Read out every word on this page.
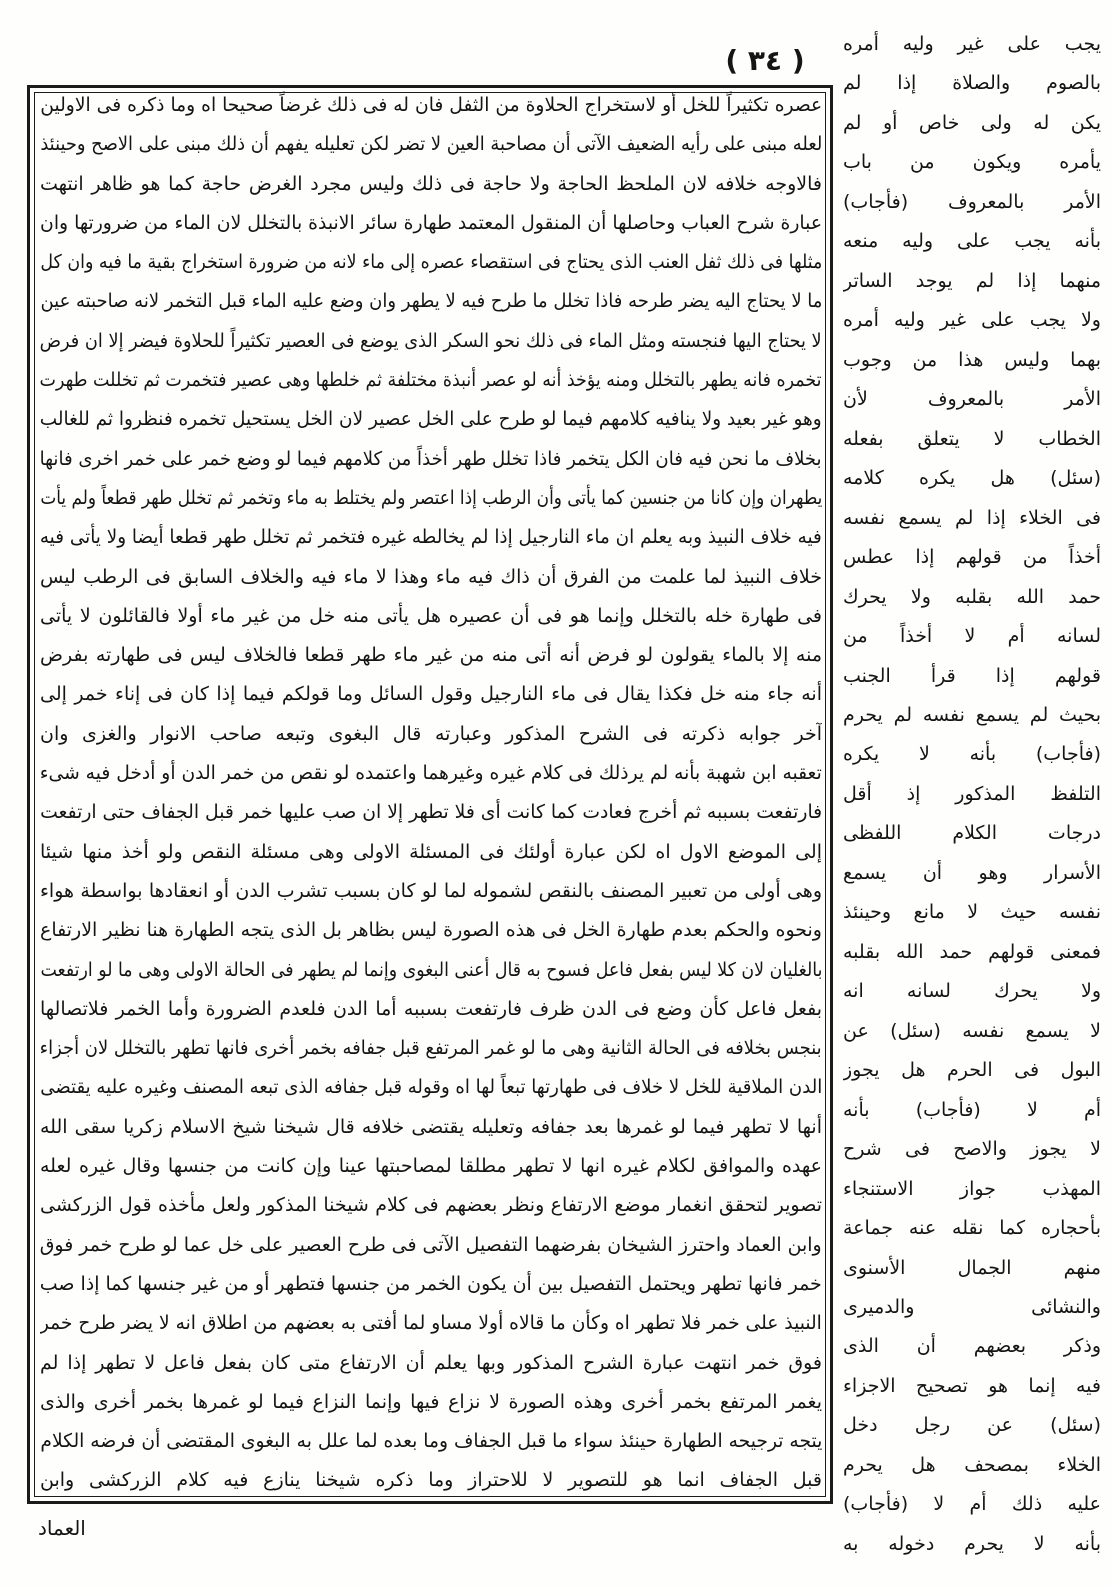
( ٣٤ )
عصره تكثيراً للخل أو لاستخراج الحلاوة من الثفل فان له فى ذلك غرضاً صحيحا اه وما ذكره فى الاولين
لعله مبنى على رأيه الضعيف الآتى أن مصاحبة العين لا تضر لكن تعليله يفهم أن ذلك مبنى على الاصح وحينئذ
فالاوجه خلافه لان الملحظ الحاجة ولا حاجة فى ذلك وليس مجرد الغرض حاجة كما هو ظاهر انتهت
عبارة شرح العباب وحاصلها أن المنقول المعتمد طهارة سائر الانبذة بالتخلل لان الماء من ضرورتها وان
مثلها فى ذلك ثفل العنب الذى يحتاج فى استقصاء عصره إلى ماء لانه من ضرورة استخراج بقية ما فيه وان كل
ما لا يحتاج اليه يضر طرحه فاذا تخلل ما طرح فيه لا يطهر وان وضع عليه الماء قبل التخمر لانه صاحبته عين
لا يحتاج اليها فنجسته ومثل الماء فى ذلك نحو السكر الذى يوضع فى العصير تكثيراً للحلاوة فيضر إلا ان فرض
تخمره فانه يطهر بالتخلل ومنه يؤخذ أنه لو عصر أنبذة مختلفة ثم خلطها وهى عصير فتخمرت ثم تخللت طهرت
وهو غير بعيد ولا ينافيه كلامهم فيما لو طرح على الخل عصير لان الخل يستحيل تخمره فنظروا ثم للغالب
بخلاف ما نحن فيه فان الكل يتخمر فاذا تخلل طهر أخذاً من كلامهم فيما لو وضع خمر على خمر اخرى فانها
يطهران وإن كانا من جنسين كما يأتى وأن الرطب إذا اعتصر ولم يختلط به ماء وتخمر ثم تخلل طهر قطعاً ولم يأت
فيه خلاف النبيذ وبه يعلم ان ماء النارجيل إذا لم يخالطه غيره فتخمر ثم تخلل طهر قطعا أيضا ولا يأتى فيه
خلاف النبيذ لما علمت من الفرق أن ذاك فيه ماء وهذا لا ماء فيه والخلاف السابق فى الرطب ليس
فى طهارة خله بالتخلل وإنما هو فى أن عصيره هل يأتى منه خل من غير ماء أولا فالقائلون لا يأتى
منه إلا بالماء يقولون لو فرض أنه أتى منه من غير ماء طهر قطعا فالخلاف ليس فى طهارته بفرض
أنه جاء منه خل فكذا يقال فى ماء النارجيل وقول السائل وما قولكم فيما إذا كان فى إناء خمر إلى
آخر جوابه ذكرته فى الشرح المذكور وعبارته قال البغوى وتبعه صاحب الانوار والغزى وان
تعقبه ابن شهبة بأنه لم يرذلك فى كلام غيره وغيرهما واعتمده لو نقص من خمر الدن أو أدخل فيه شىء
فارتفعت بسببه ثم أخرج فعادت كما كانت أى فلا تطهر إلا ان صب عليها خمر قبل الجفاف حتى ارتفعت
إلى الموضع الاول اه لكن عبارة أولئك فى المسئلة الاولى وهى مسئلة النقص ولو أخذ منها شيئا
وهى أولى من تعبير المصنف بالنقص لشموله لما لو كان بسبب تشرب الدن أو انعقادها بواسطة هواء
ونحوه والحكم بعدم طهارة الخل فى هذه الصورة ليس بظاهر بل الذى يتجه الطهارة هنا نظير الارتفاع
بالغليان لان كلا ليس بفعل فاعل فسوح به قال أعنى البغوى وإنما لم يطهر فى الحالة الاولى وهى ما لو ارتفعت
بفعل فاعل كأن وضع فى الدن ظرف فارتفعت بسببه أما الدن فلعدم الضرورة وأما الخمر فلاتصالها
بنجس بخلافه فى الحالة الثانية وهى ما لو غمر المرتفع قبل جفافه بخمر أخرى فانها تطهر بالتخلل لان أجزاء
الدن الملاقية للخل لا خلاف فى طهارتها تبعاً لها اه وقوله قبل جفافه الذى تبعه المصنف وغيره عليه يقتضى
أنها لا تطهر فيما لو غمرها بعد جفافه وتعليله يقتضى خلافه قال شيخنا شيخ الاسلام زكريا سقى الله
عهده والموافق لكلام غيره انها لا تطهر مطلقا لمصاحبتها عينا وإن كانت من جنسها وقال غيره لعله
تصوير لتحقق انغمار موضع الارتفاع ونظر بعضهم فى كلام شيخنا المذكور ولعل مأخذه قول الزركشى
وابن العماد واحترز الشيخان بفرضهما التفصيل الآتى فى طرح العصير على خل عما لو طرح خمر فوق
خمر فانها تطهر ويحتمل التفصيل بين أن يكون الخمر من جنسها فتطهر أو من غير جنسها كما إذا صب
النبيذ على خمر فلا تطهر اه وكأن ما قالاه أولا مساو لما أفتى به بعضهم من اطلاق انه لا يضر طرح خمر
فوق خمر انتهت عبارة الشرح المذكور وبها يعلم أن الارتفاع متى كان بفعل فاعل لا تطهر إذا لم
يغمر المرتفع بخمر أخرى وهذه الصورة لا نزاع فيها وإنما النزاع فيما لو غمرها بخمر أخرى والذى
يتجه ترجيحه الطهارة حينئذ سواء ما قبل الجفاف وما بعده لما علل به البغوى المقتضى أن فرضه الكلام
قبل الجفاف انما هو للتصوير لا للاحتراز وما ذكره شيخنا ينازع فيه كلام الزركشى وابن
يجب على غير وليه أمره
بالصوم والصلاة إذا لم
يكن له ولى خاص أو لم
يأمره ويكون من باب
الأمر بالمعروف (فأجاب)
بأنه يجب على وليه منعه
منهما إذا لم يوجد الساتر
ولا يجب على غير وليه أمره
بهما وليس هذا من وجوب
الأمر بالمعروف لأن
الخطاب لا يتعلق بفعله
(سئل) هل يكره كلامه
فى الخلاء إذا لم يسمع نفسه
أخذاً من قولهم إذا عطس
حمد الله بقلبه ولا يحرك
لسانه أم لا أخذاً من
قولهم إذا قرأ الجنب
بحيث لم يسمع نفسه لم يحرم
(فأجاب) بأنه لا يكره
التلفظ المذكور إذ أقل
درجات الكلام اللفظى
الأسرار وهو أن يسمع
نفسه حيث لا مانع وحينئذ
فمعنى قولهم حمد الله بقلبه
ولا يحرك لسانه انه
لا يسمع نفسه (سئل) عن
البول فى الحرم هل يجوز
أم لا (فأجاب) بأنه
لا يجوز والاصح فى شرح
المهذب جواز الاستنجاء
بأحجاره كما نقله عنه جماعة
منهم الجمال الأسنوى
والنشائى والدميرى
وذكر بعضهم أن الذى
فيه إنما هو تصحيح الاجزاء
(سئل) عن رجل دخل
الخلاء بمصحف هل يحرم
عليه ذلك أم لا (فأجاب)
بأنه لا يحرم دخوله به
العماد
